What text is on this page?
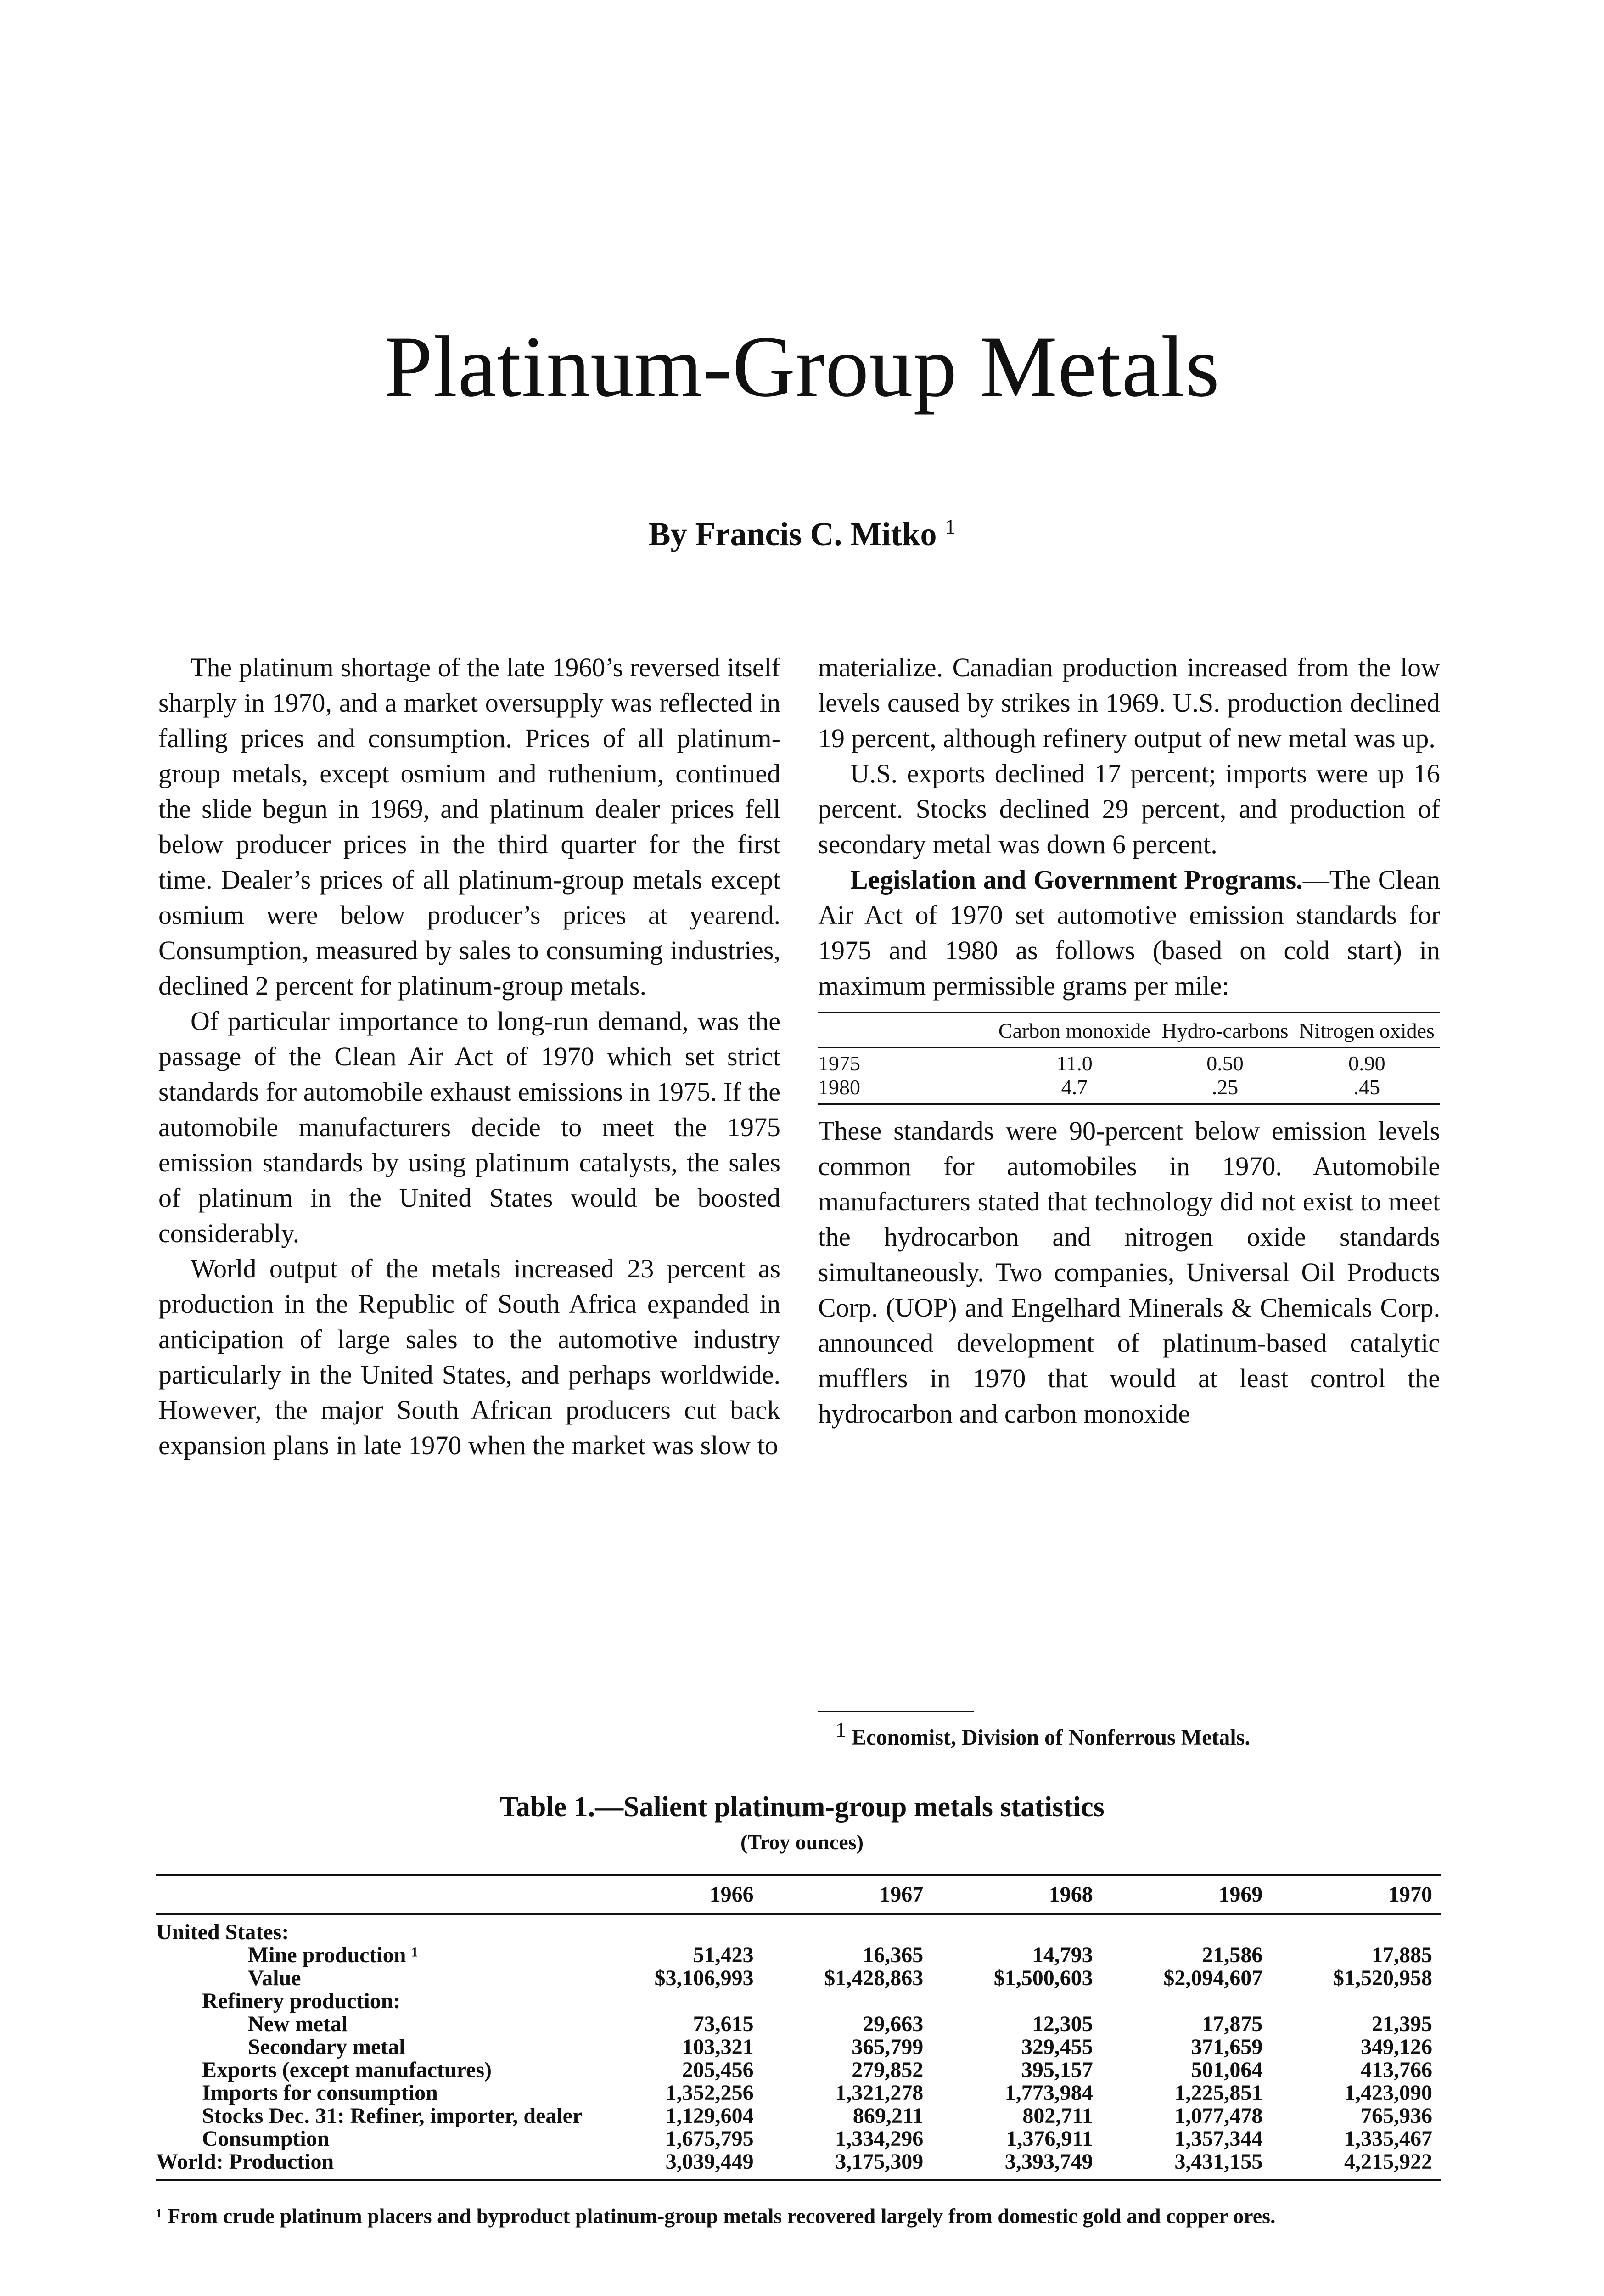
Platinum-Group Metals
By Francis C. Mitko $^1$

The platinum shortage of the late 1960’s reversed itself sharply in 1970, and a market oversupply was reflected in falling prices and consumption. Prices of all platinum-group metals, except osmium and ruthenium, continued the slide begun in 1969, and platinum dealer prices fell below producer prices in the third quarter for the first time. Dealer’s prices of all platinum-group metals except osmium were below producer’s prices at yearend. Consumption, measured by sales to consuming industries, declined 2 percent for platinum-group metals.

Of particular importance to long-run demand, was the passage of the Clean Air Act of 1970 which set strict standards for automobile exhaust emissions in 1975. If the automobile manufacturers decide to meet the 1975 emission standards by using platinum catalysts, the sales of platinum in the United States would be boosted considerably.

World output of the metals increased 23 percent as production in the Republic of South Africa expanded in anticipation of large sales to the automotive industry particularly in the United States, and perhaps worldwide. However, the major South African producers cut back expansion plans in late 1970 when the market was slow to

materialize. Canadian production increased from the low levels caused by strikes in 1969. U.S. production declined 19 percent, although refinery output of new metal was up.

U.S. exports declined 17 percent; imports were up 16 percent. Stocks declined 29 percent, and production of secondary metal was down 6 percent.

Legislation and Government Programs.—The Clean Air Act of 1970 set automotive emission standards for 1975 and 1980 as follows (based on cold start) in maximum permissible grams per mile:

	Carbon monoxide	Hydro-carbons	Nitrogen oxides
1975	11.0	0.50	0.90
1980	4.7	.25	.45

These standards were 90-percent below emission levels common for automobiles in 1970. Automobile manufacturers stated that technology did not exist to meet the hydrocarbon and nitrogen oxide standards simultaneously. Two companies, Universal Oil Products Corp. (UOP) and Engelhard Minerals & Chemicals Corp. announced development of platinum-based catalytic mufflers in 1970 that would at least control the hydrocarbon and carbon monoxide

$^1$ Economist, Division of Nonferrous Metals.
Table 1.—Salient platinum-group metals statistics
(Troy ounces)
	1966	1967	1968	1969	1970
United States:					
Mine production ¹	51,423	16,365	14,793	21,586	17,885
Value	$3,106,993	$1,428,863	$1,500,603	$2,094,607	$1,520,958
Refinery production:					
New metal	73,615	29,663	12,305	17,875	21,395
Secondary metal	103,321	365,799	329,455	371,659	349,126
Exports (except manufactures)	205,456	279,852	395,157	501,064	413,766
Imports for consumption	1,352,256	1,321,278	1,773,984	1,225,851	1,423,090
Stocks Dec. 31: Refiner, importer, dealer	1,129,604	869,211	802,711	1,077,478	765,936
Consumption	1,675,795	1,334,296	1,376,911	1,357,344	1,335,467
World: Production	3,039,449	3,175,309	3,393,749	3,431,155	4,215,922
¹ From crude platinum placers and byproduct platinum-group metals recovered largely from domestic gold and copper ores.
